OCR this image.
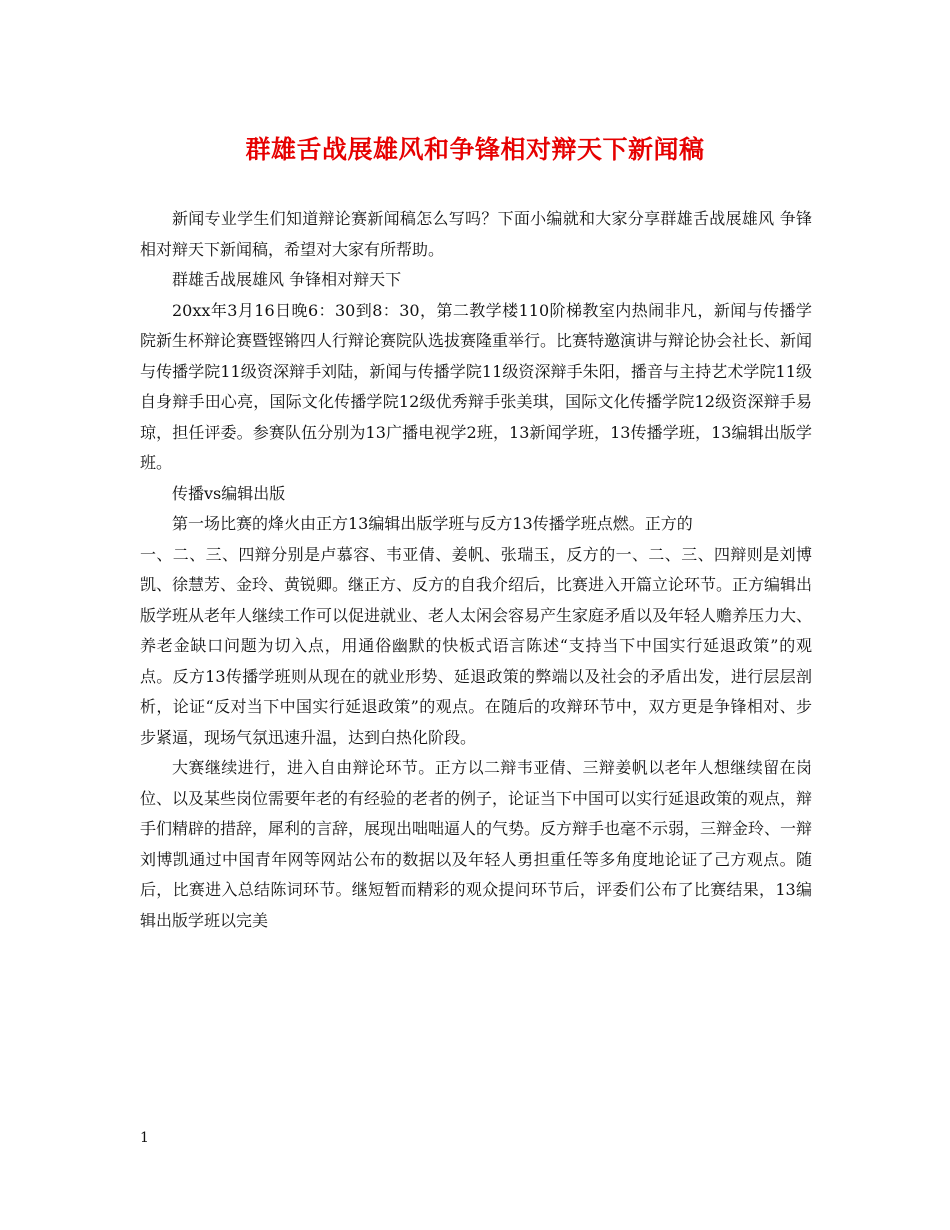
群雄舌战展雄风和争锋相对辩天下新闻稿

新闻专业学生们知道辩论赛新闻稿怎么写吗？下面小编就和大家分享群雄舌战展雄风 争锋相对辩天下新闻稿，希望对大家有所帮助。

群雄舌战展雄风 争锋相对辩天下

20xx年3月16日晚6：30到8：30，第二教学楼110阶梯教室内热闹非凡，新闻与传播学院新生杯辩论赛暨铿锵四人行辩论赛院队选拔赛隆重举行。比赛特邀演讲与辩论协会社长、新闻与传播学院11级资深辩手刘陆，新闻与传播学院11级资深辩手朱阳，播音与主持艺术学院11级自身辩手田心亮，国际文化传播学院12级优秀辩手张美琪，国际文化传播学院12级资深辩手易琼，担任评委。参赛队伍分别为13广播电视学2班，13新闻学班，13传播学班，13编辑出版学班。

传播vs编辑出版

第一场比赛的烽火由正方13编辑出版学班与反方13传播学班点燃。正方的

一、二、三、四辩分别是卢慕容、韦亚倩、姜帆、张瑞玉，反方的一、二、三、四辩则是刘博凯、徐慧芳、金玲、黄锐卿。继正方、反方的自我介绍后，比赛进入开篇立论环节。正方编辑出版学班从老年人继续工作可以促进就业、老人太闲会容易产生家庭矛盾以及年轻人赡养压力大、养老金缺口问题为切入点，用通俗幽默的快板式语言陈述“支持当下中国实行延退政策”的观点。反方13传播学班则从现在的就业形势、延退政策的弊端以及社会的矛盾出发，进行层层剖析，论证“反对当下中国实行延退政策”的观点。在随后的攻辩环节中，双方更是争锋相对、步步紧逼，现场气氛迅速升温，达到白热化阶段。

大赛继续进行，进入自由辩论环节。正方以二辩韦亚倩、三辩姜帆以老年人想继续留在岗位、以及某些岗位需要年老的有经验的老者的例子，论证当下中国可以实行延退政策的观点，辩手们精辟的措辞，犀利的言辞，展现出咄咄逼人的气势。反方辩手也毫不示弱，三辩金玲、一辩刘博凯通过中国青年网等网站公布的数据以及年轻人勇担重任等多角度地论证了己方观点。随后，比赛进入总结陈词环节。继短暂而精彩的观众提问环节后，评委们公布了比赛结果，13编辑出版学班以完美

1
